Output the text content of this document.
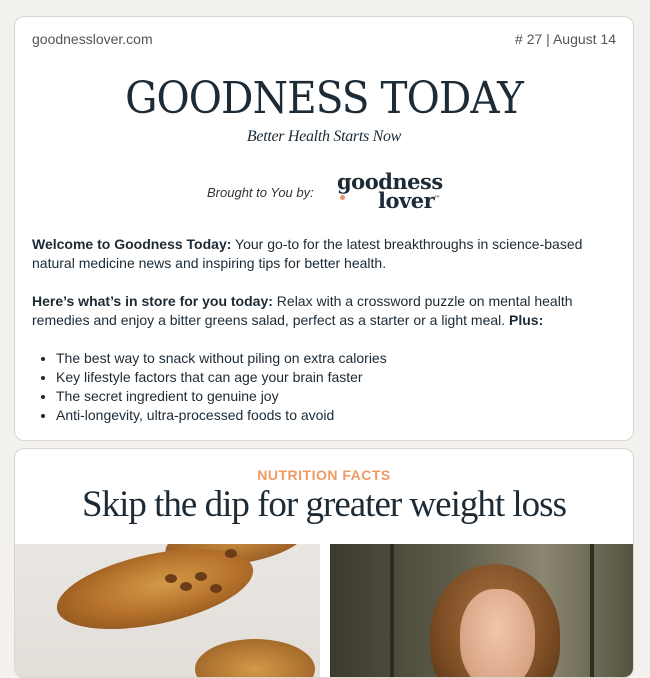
goodnesslover.com	# 27 | August 14
GOODNESS TODAY
Better Health Starts Now
Brought to You by: goodness
lover™

Welcome to Goodness Today: Your go-to for the latest breakthroughs in science-based natural medicine news and inspiring tips for better health.

Here’s what’s in store for you today: Relax with a crossword puzzle on mental health remedies and enjoy a bitter greens salad, perfect as a starter or a light meal. Plus:

• The best way to snack without piling on extra calories
• Key lifestyle factors that can age your brain faster
• The secret ingredient to genuine joy
• Anti-longevity, ultra-processed foods to avoid
NUTRITION FACTS
Skip the dip for greater weight loss
